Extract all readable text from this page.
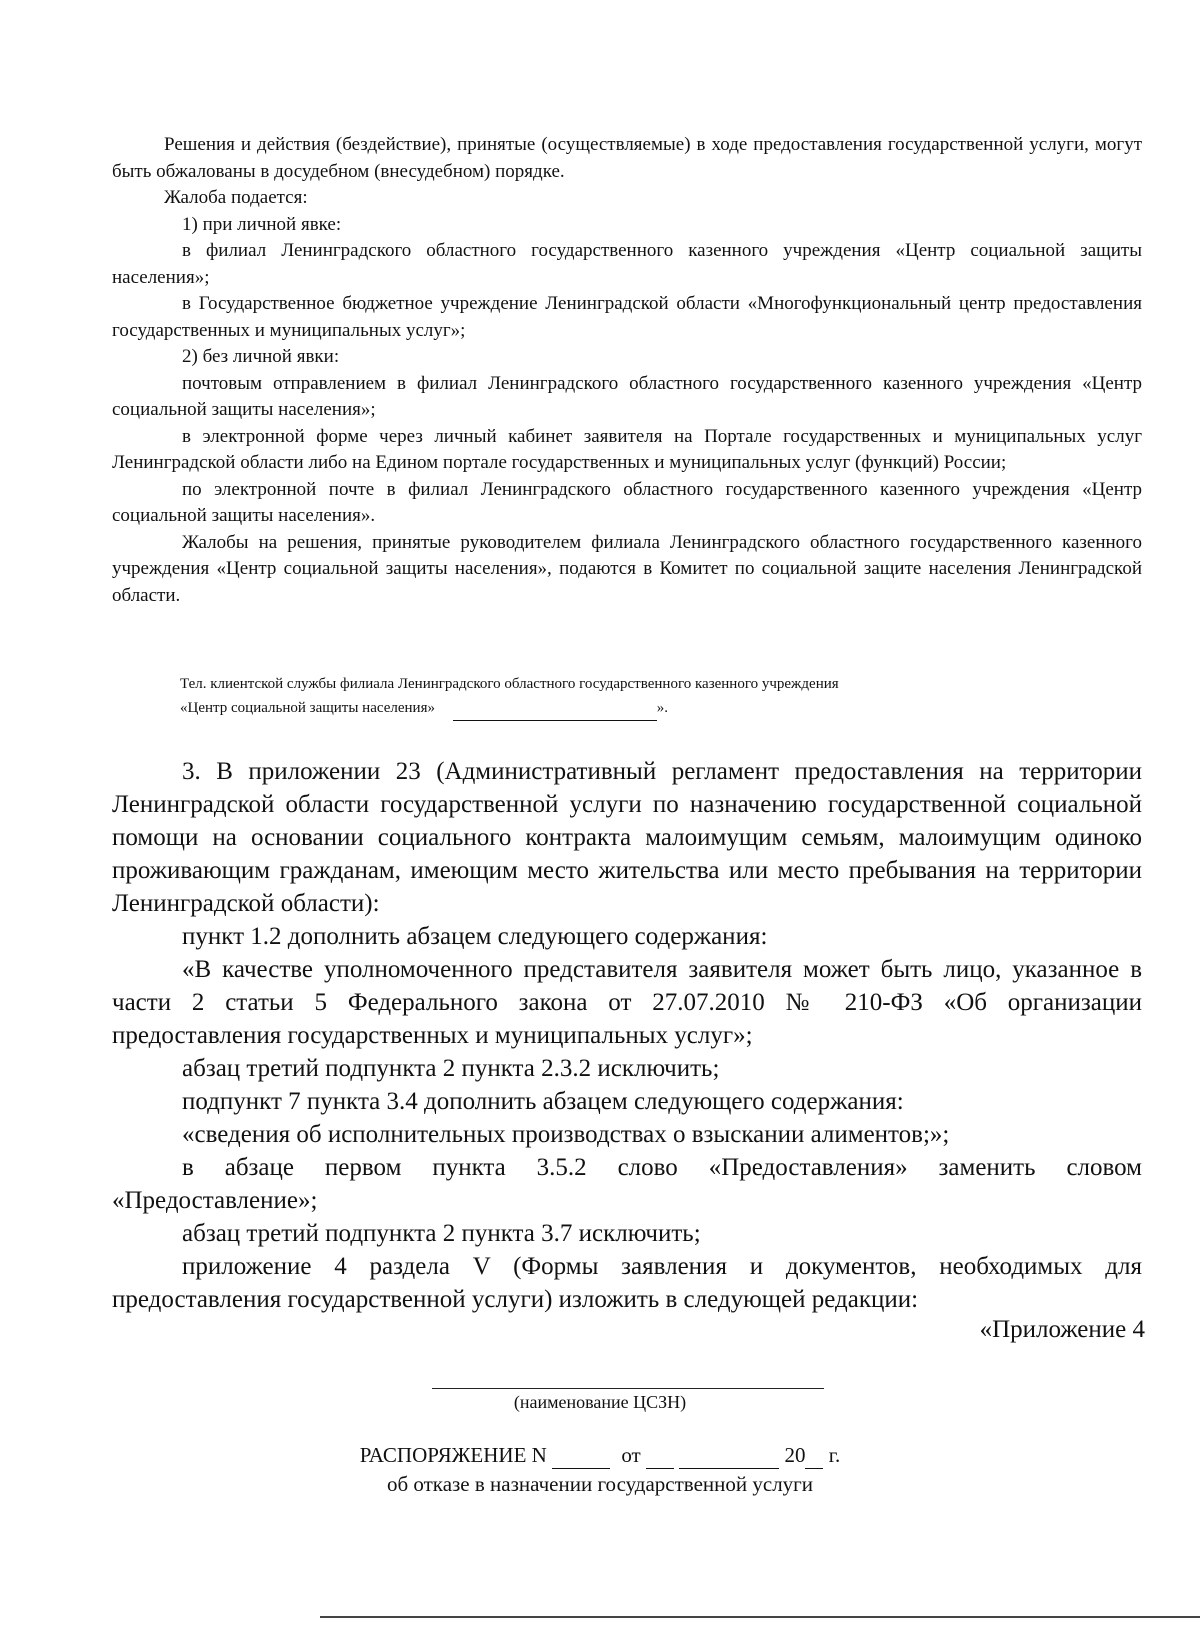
Решения и действия (бездействие), принятые (осуществляемые) в ходе предоставления государственной услуги, могут быть обжалованы в досудебном (внесудебном) порядке.

Жалоба подается:

1) при личной явке:

в филиал Ленинградского областного государственного казенного учреждения «Центр социальной защиты населения»;

в Государственное бюджетное учреждение Ленинградской области «Многофункциональный центр предоставления государственных и муниципальных услуг»;

2) без личной явки:

почтовым отправлением в филиал Ленинградского областного государственного казенного учреждения «Центр социальной защиты населения»;

в электронной форме через личный кабинет заявителя на Портале государственных и муниципальных услуг Ленинградской области либо на Едином портале государственных и муниципальных услуг (функций) России;

по электронной почте в филиал Ленинградского областного государственного казенного учреждения «Центр социальной защиты населения».

Жалобы на решения, принятые руководителем филиала Ленинградского областного государственного казенного учреждения «Центр социальной защиты населения», подаются в Комитет по социальной защите населения Ленинградской области.

Тел. клиентской службы филиала Ленинградского областного государственного казенного учреждения
«Центр социальной защиты населения»	».

3. В приложении 23 (Административный регламент предоставления на территории Ленинградской области государственной услуги по назначению государственной социальной помощи на основании социального контракта малоимущим семьям, малоимущим одиноко проживающим гражданам, имеющим место жительства или место пребывания на территории Ленинградской области):

пункт 1.2 дополнить абзацем следующего содержания:

«В качестве уполномоченного представителя заявителя может быть лицо, указанное в части 2 статьи 5 Федерального закона от 27.07.2010 № 210-ФЗ «Об организации предоставления государственных и муниципальных услуг»;

абзац третий подпункта 2 пункта 2.3.2 исключить;

подпункт 7 пункта 3.4 дополнить абзацем следующего содержания:

«сведения об исполнительных производствах о взыскании алиментов;»;

в абзаце первом пункта 3.5.2 слово «Предоставления» заменить словом «Предоставление»;

абзац третий подпункта 2 пункта 3.7 исключить;

приложение 4 раздела V (Формы заявления и документов, необходимых для предоставления государственной услуги) изложить в следующей редакции:

«Приложение 4
(наименование ЦСЗН)
РАСПОРЯЖЕНИЕ N	от	20 г.
об отказе в назначении государственной услуги
